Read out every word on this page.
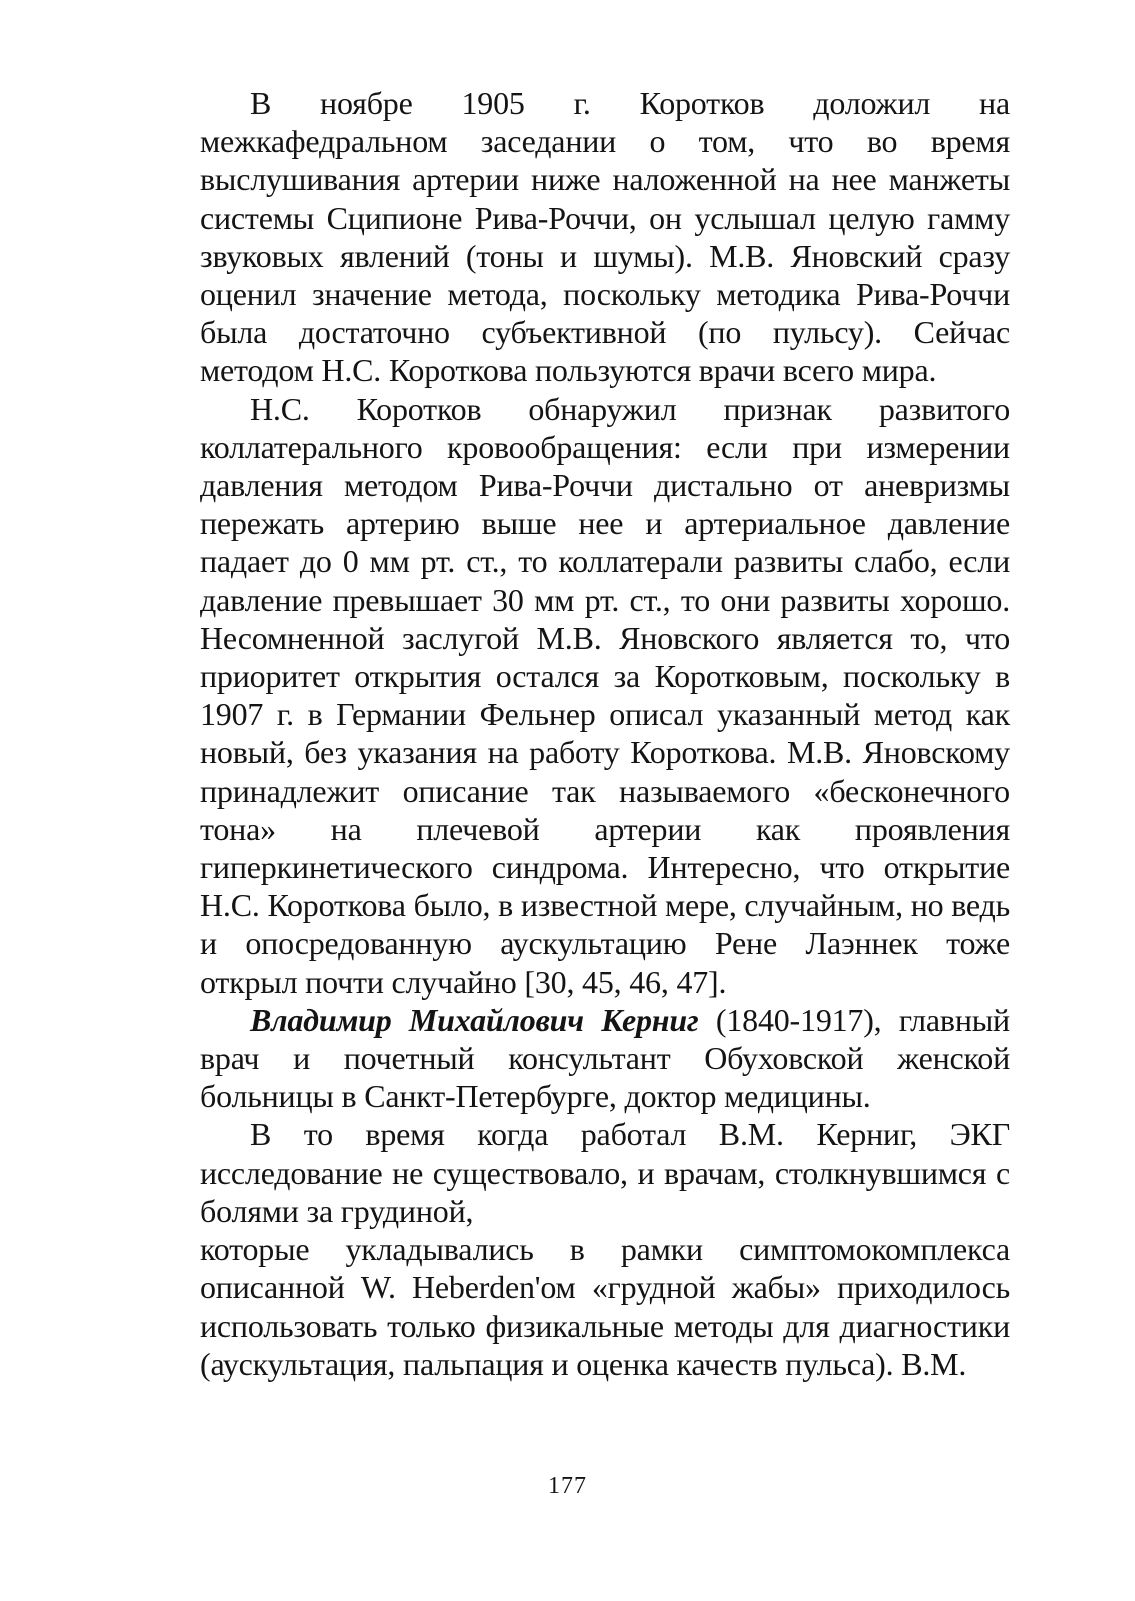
В ноябре 1905 г. Коротков доложил на межкафедральном заседании о том, что во время выслушивания артерии ниже наложенной на нее манжеты системы Сципионе Рива-Роччи, он услышал целую гамму звуковых явлений (тоны и шумы). М.В. Яновский сразу оценил значение метода, поскольку методика Рива-Роччи была достаточно субъективной (по пульсу). Сейчас методом Н.С. Короткова пользуются врачи всего мира.

Н.С. Коротков обнаружил признак развитого коллатерального кровообращения: если при измерении давления методом Рива-Роччи дистально от аневризмы пережать артерию выше нее и артериальное давление падает до 0 мм рт. ст., то коллатерали развиты слабо, если давление превышает 30 мм рт. ст., то они развиты хорошо. Несомненной заслугой М.В. Яновского является то, что приоритет открытия остался за Коротковым, поскольку в 1907 г. в Германии Фельнер описал указанный метод как новый, без указания на работу Короткова. М.В. Яновскому принадлежит описание так называемого «бесконечного тона» на плечевой артерии как проявления гиперкинетического синдрома. Интересно, что открытие Н.С. Короткова было, в известной мере, случайным, но ведь и опосредованную аускультацию Рене Лаэннек тоже открыл почти случайно [30, 45, 46, 47].

Владимир Михайлович Керниг (1840-1917), главный врач и почетный консультант Обуховской женской больницы в Санкт-Петербурге, доктор медицины.

В то время когда работал В.М. Керниг, ЭКГ исследование не существовало, и врачам, столкнувшимся с болями за грудиной,

которые укладывались в рамки симптомокомплекса описанной W. Heberden'ом «грудной жабы» приходилось использовать только физикальные методы для диагностики (аускультация, пальпация и оценка качеств пульса). В.М.

177
